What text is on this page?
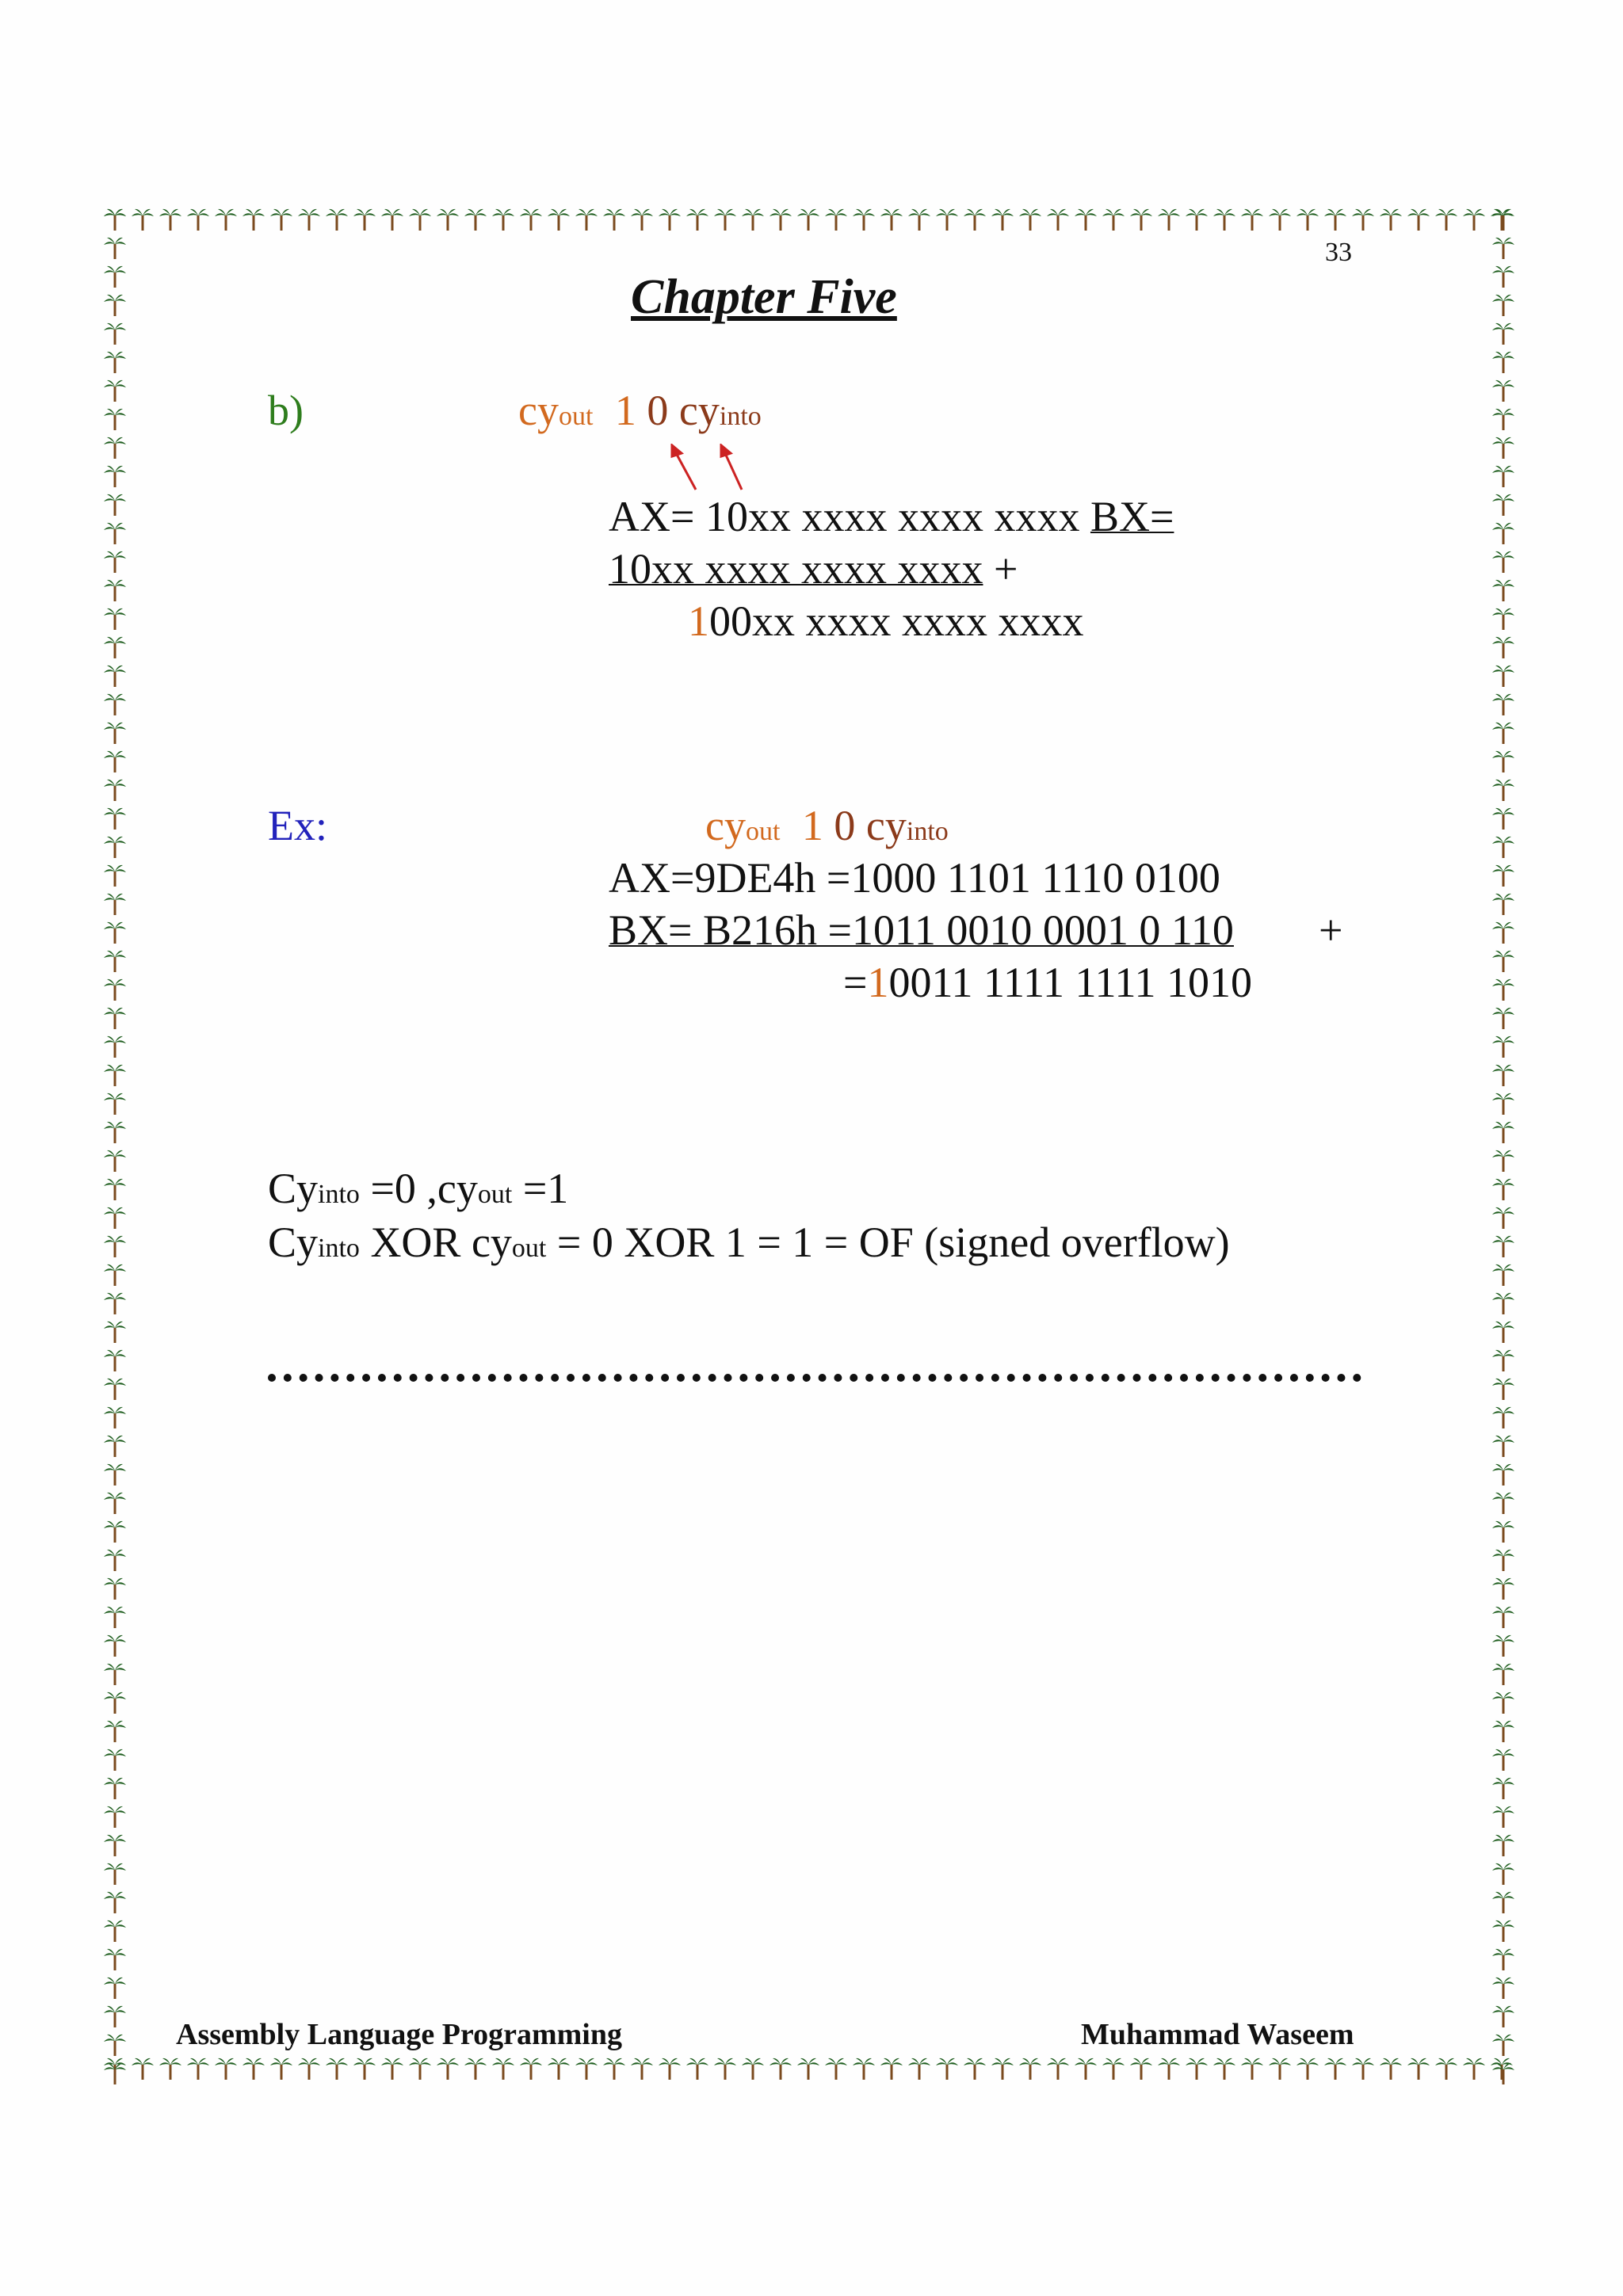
33
Chapter Five
b)	cyout 1 0 cyinto
AX= 10xx xxxx xxxx xxxx BX=
10xx xxxx xxxx xxxx +
100xx xxxx xxxx xxxx
Ex:	cyout 1 0 cyinto
AX=9DE4h =1000 1101 1110 0100
BX= B216h =1011 0010 0001 0 110 +
=10011 1111 1111 1010
Cyinto =0 ,cyout =1
Cyinto XOR cyout = 0 XOR 1 = 1 = OF (signed overflow)
Assembly Language Programming	Muhammad Waseem
